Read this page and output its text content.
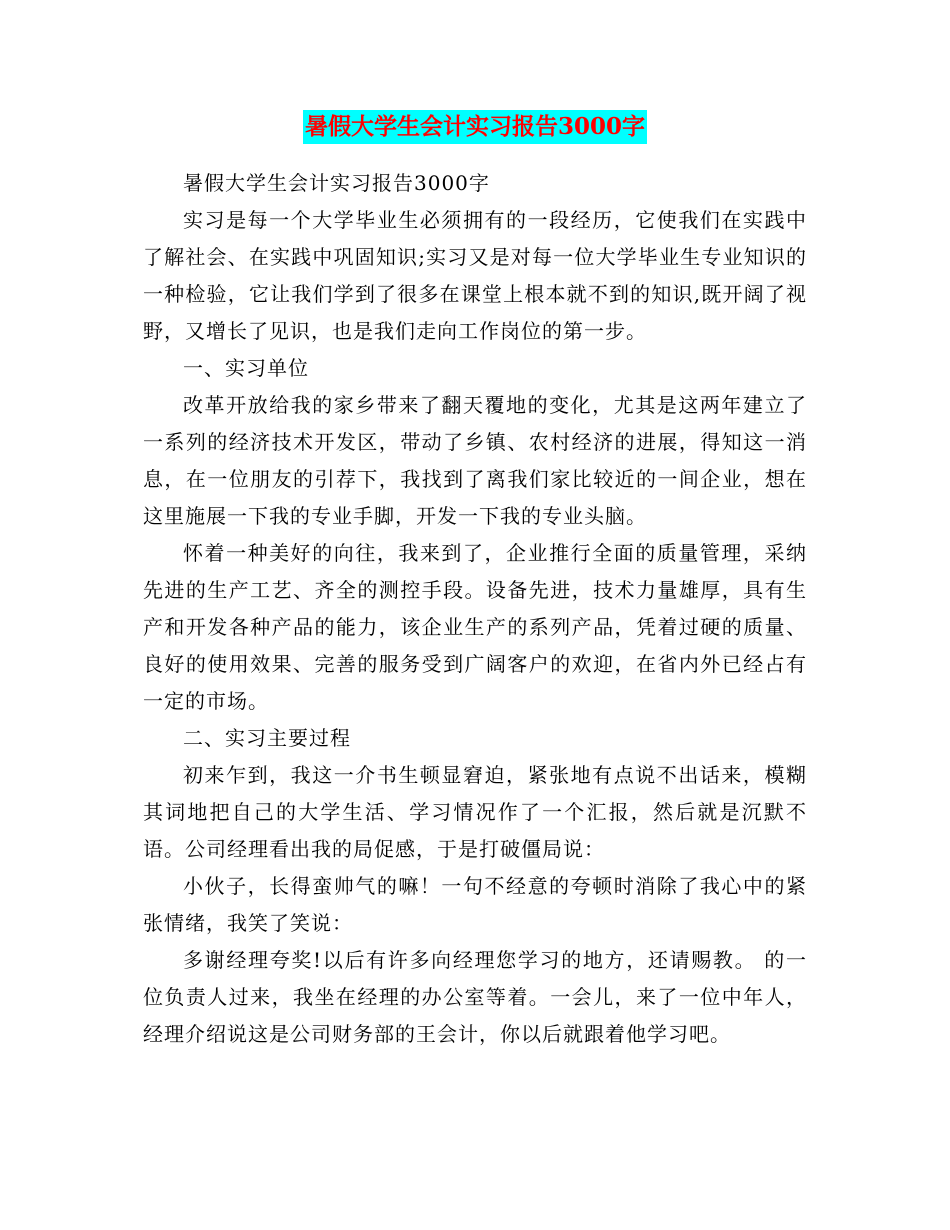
暑假大学生会计实习报告3000字

暑假大学生会计实习报告3000字

实习是每一个大学毕业生必须拥有的一段经历，它使我们在实践中了解社会、在实践中巩固知识;实习又是对每一位大学毕业生专业知识的一种检验，它让我们学到了很多在课堂上根本就不到的知识,既开阔了视野，又增长了见识，也是我们走向工作岗位的第一步。

一、实习单位

改革开放给我的家乡带来了翻天覆地的变化，尤其是这两年建立了一系列的经济技术开发区，带动了乡镇、农村经济的进展，得知这一消息，在一位朋友的引荐下，我找到了离我们家比较近的一间企业，想在这里施展一下我的专业手脚，开发一下我的专业头脑。

怀着一种美好的向往，我来到了，企业推行全面的质量管理，采纳先进的生产工艺、齐全的测控手段。设备先进，技术力量雄厚，具有生产和开发各种产品的能力，该企业生产的系列产品，凭着过硬的质量、良好的使用效果、完善的服务受到广阔客户的欢迎，在省内外已经占有一定的市场。

二、实习主要过程

初来乍到，我这一介书生顿显窘迫，紧张地有点说不出话来，模糊其词地把自己的大学生活、学习情况作了一个汇报，然后就是沉默不语。公司经理看出我的局促感，于是打破僵局说：

小伙子，长得蛮帅气的嘛！一句不经意的夸顿时消除了我心中的紧张情绪，我笑了笑说：

多谢经理夸奖!以后有许多向经理您学习的地方，还请赐教。 的一位负责人过来，我坐在经理的办公室等着。一会儿，来了一位中年人，经理介绍说这是公司财务部的王会计，你以后就跟着他学习吧。
